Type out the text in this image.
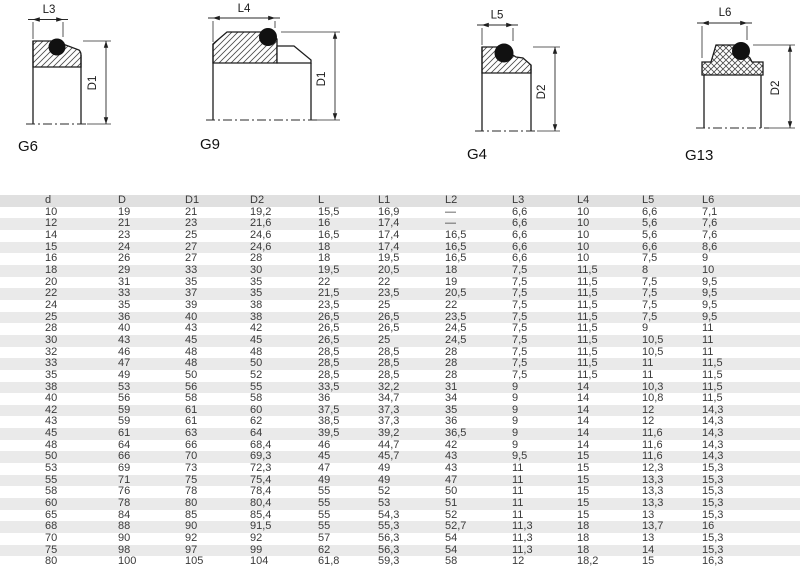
L3
D1
G6
L4
D1
G9
L5
D2
G4
L6
D2
G13
d	D	D1	D2	L	L1	L2	L3	L4	L5	L6
10	19	21	19,2	15,5	16,9	—	6,6	10	6,6	7,1
12	21	23	21,6	16	17,4	—	6,6	10	5,6	7,6
14	23	25	24,6	16,5	17,4	16,5	6,6	10	5,6	7,6
15	24	27	24,6	18	17,4	16,5	6,6	10	6,6	8,6
16	26	27	28	18	19,5	16,5	6,6	10	7,5	9
18	29	33	30	19,5	20,5	18	7,5	11,5	8	10
20	31	35	35	22	22	19	7,5	11,5	7,5	9,5
22	33	37	35	21,5	23,5	20,5	7,5	11,5	7,5	9,5
24	35	39	38	23,5	25	22	7,5	11,5	7,5	9,5
25	36	40	38	26,5	26,5	23,5	7,5	11,5	7,5	9,5
28	40	43	42	26,5	26,5	24,5	7,5	11,5	9	11
30	43	45	45	26,5	25	24,5	7,5	11,5	10,5	11
32	46	48	48	28,5	28,5	28	7,5	11,5	10,5	11
33	47	48	50	28,5	28,5	28	7,5	11,5	11	11,5
35	49	50	52	28,5	28,5	28	7,5	11,5	11	11,5
38	53	56	55	33,5	32,2	31	9	14	10,3	11,5
40	56	58	58	36	34,7	34	9	14	10,8	11,5
42	59	61	60	37,5	37,3	35	9	14	12	14,3
43	59	61	62	38,5	37,3	36	9	14	12	14,3
45	61	63	64	39,5	39,2	36,5	9	14	11,6	14,3
48	64	66	68,4	46	44,7	42	9	14	11,6	14,3
50	66	70	69,3	45	45,7	43	9,5	15	11,6	14,3
53	69	73	72,3	47	49	43	11	15	12,3	15,3
55	71	75	75,4	49	49	47	11	15	13,3	15,3
58	76	78	78,4	55	52	50	11	15	13,3	15,3
60	78	80	80,4	55	53	51	11	15	13,3	15,3
65	84	85	85,4	55	54,3	52	11	15	13	15,3
68	88	90	91,5	55	55,3	52,7	11,3	18	13,7	16
70	90	92	92	57	56,3	54	11,3	18	13	15,3
75	98	97	99	62	56,3	54	11,3	18	14	15,3
80	100	105	104	61,8	59,3	58	12	18,2	15	16,3
